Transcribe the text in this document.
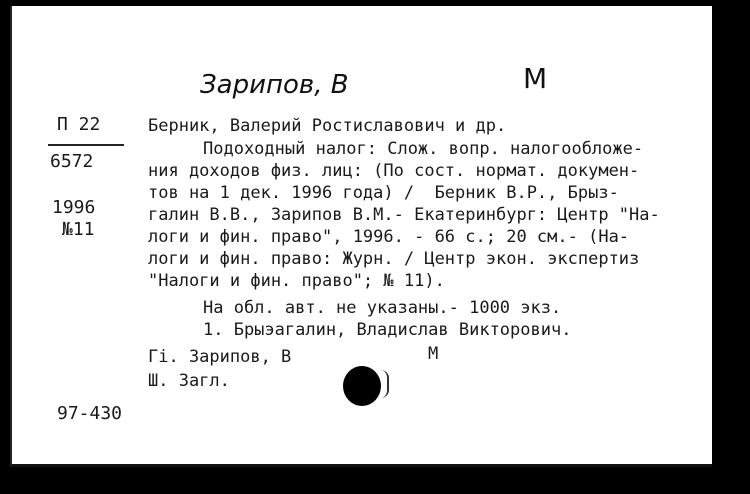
Зарипов, В	M
П 22
6572
1996
№11
97-430
Берник, Валерий Ростиславович и др.
Подоходный налог: Слож. вопр. налогообложе-
ния доходов физ. лиц: (По сост. нормат. докумен-
тов на 1 дек. 1996 года) /  Берник В.Р., Брыз-
галин В.В., Зарипов В.М.- Екатеринбург: Центр "На-
логи и фин. право", 1996. - 66 с.; 20 см.- (На-
логи и фин. право: Журн. / Центр экон. экспертиз
"Налоги и фин. право"; № 11).
На обл. авт. не указаны.- 1000 экз.
1. Брыэагалин, Владислав Викторович.
Гі. Зарипов, В	М
Ш. Загл.
